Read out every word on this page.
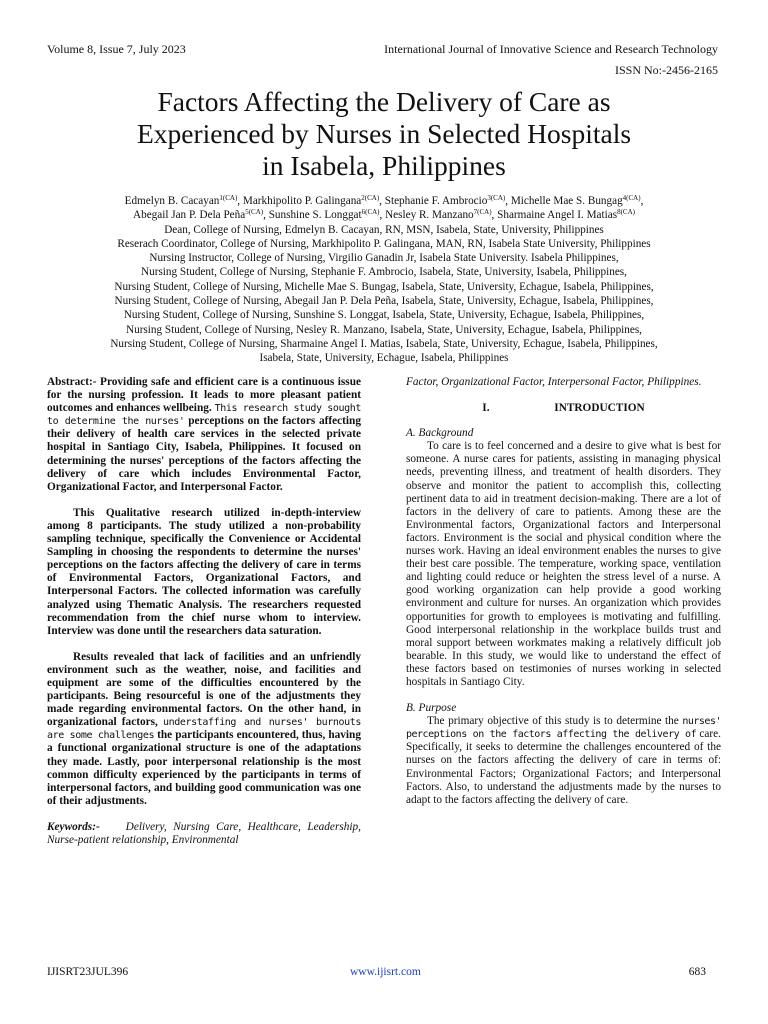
Volume 8, Issue 7, July 2023	International Journal of Innovative Science and Research Technology
ISSN No:-2456-2165
Factors Affecting the Delivery of Care as
Experienced by Nurses in Selected Hospitals
in Isabela, Philippines
Edmelyn B. Cacayan$^{1(CA)}$, Markhipolito P. Galingana$^{2(CA)}$, Stephanie F. Ambrocio$^{3(CA)}$, Michelle Mae S. Bungag$^{4(CA)}$,
Abegail Jan P. Dela Peña$^{5(CA)}$, Sunshine S. Longgat$^{6(CA)}$, Nesley R. Manzano$^{7(CA)}$, Sharmaine Angel I. Matias$^{8(CA)}$
Dean, College of Nursing, Edmelyn B. Cacayan, RN, MSN, Isabela, State, University, Philippines
Reserach Coordinator, College of Nursing, Markhipolito P. Galingana, MAN, RN, Isabela State University, Philippines
Nursing Instructor, College of Nursing, Virgilio Ganadin Jr, Isabela State University. Isabela Philippines,
Nursing Student, College of Nursing, Stephanie F. Ambrocio, Isabela, State, University, Isabela, Philippines,
Nursing Student, College of Nursing, Michelle Mae S. Bungag, Isabela, State, University, Echague, Isabela, Philippines,
Nursing Student, College of Nursing, Abegail Jan P. Dela Peña, Isabela, State, University, Echague, Isabela, Philippines,
Nursing Student, College of Nursing, Sunshine S. Longgat, Isabela, State, University, Echague, Isabela, Philippines,
Nursing Student, College of Nursing, Nesley R. Manzano, Isabela, State, University, Echague, Isabela, Philippines,
Nursing Student, College of Nursing, Sharmaine Angel I. Matias, Isabela, State, University, Echague, Isabela, Philippines,
Isabela, State, University, Echague, Isabela, Philippines

Abstract:- Providing safe and efficient care is a continuous issue for the nursing profession. It leads to more pleasant patient outcomes and enhances wellbeing. This research study sought to determine the nurses' perceptions on the factors affecting their delivery of health care services in the selected private hospital in Santiago City, Isabela, Philippines. It focused on determining the nurses' perceptions of the factors affecting the delivery of care which includes Environmental Factor, Organizational Factor, and Interpersonal Factor.

This Qualitative research utilized in-depth-interview among 8 participants. The study utilized a non-probability sampling technique, specifically the Convenience or Accidental Sampling in choosing the respondents to determine the nurses' perceptions on the factors affecting the delivery of care in terms of Environmental Factors, Organizational Factors, and Interpersonal Factors. The collected information was carefully analyzed using Thematic Analysis. The researchers requested recommendation from the chief nurse whom to interview. Interview was done until the researchers data saturation.

Results revealed that lack of facilities and an unfriendly environment such as the weather, noise, and facilities and equipment are some of the difficulties encountered by the participants. Being resourceful is one of the adjustments they made regarding environmental factors. On the other hand, in organizational factors, understaffing and nurses' burnouts are some challenges the participants encountered, thus, having a functional organizational structure is one of the adaptations they made. Lastly, poor interpersonal relationship is the most common difficulty experienced by the participants in terms of interpersonal factors, and building good communication was one of their adjustments.

Keywords:- Delivery, Nursing Care, Healthcare, Leadership, Nurse-patient relationship, Environmental

Factor, Organizational Factor, Interpersonal Factor, Philippines.

I.	INTRODUCTION

A. Background

To care is to feel concerned and a desire to give what is best for someone. A nurse cares for patients, assisting in managing physical needs, preventing illness, and treatment of health disorders. They observe and monitor the patient to accomplish this, collecting pertinent data to aid in treatment decision-making. There are a lot of factors in the delivery of care to patients. Among these are the Environmental factors, Organizational factors and Interpersonal factors. Environment is the social and physical condition where the nurses work. Having an ideal environment enables the nurses to give their best care possible. The temperature, working space, ventilation and lighting could reduce or heighten the stress level of a nurse. A good working organization can help provide a good working environment and culture for nurses. An organization which provides opportunities for growth to employees is motivating and fulfilling. Good interpersonal relationship in the workplace builds trust and moral support between workmates making a relatively difficult job bearable. In this study, we would like to understand the effect of these factors based on testimonies of nurses working in selected hospitals in Santiago City.

B. Purpose

The primary objective of this study is to determine the nurses' perceptions on the factors affecting the delivery of care. Specifically, it seeks to determine the challenges encountered of the nurses on the factors affecting the delivery of care in terms of: Environmental Factors; Organizational Factors; and Interpersonal Factors. Also, to understand the adjustments made by the nurses to adapt to the factors affecting the delivery of care.

IJISRT23JUL396	www.ijisrt.com	683
